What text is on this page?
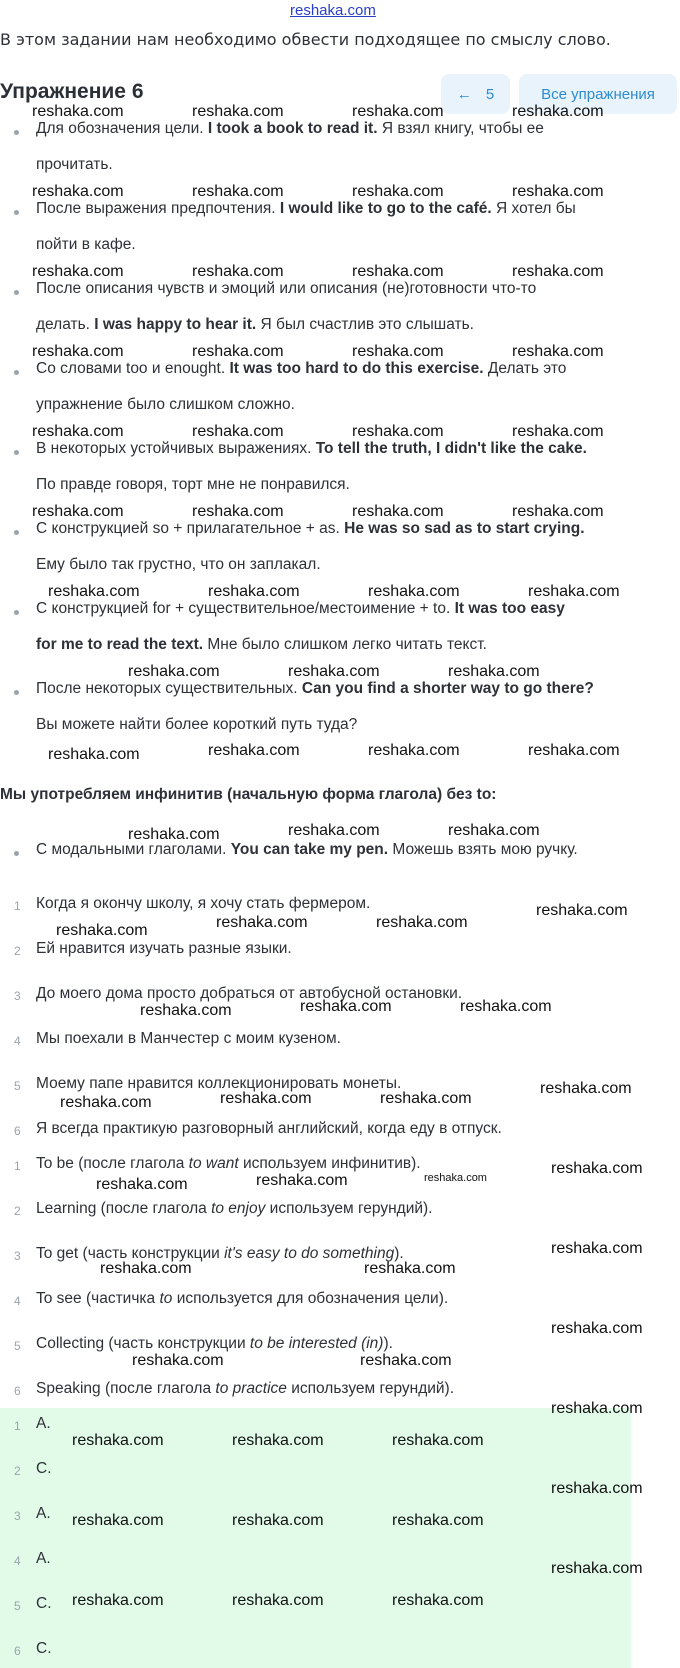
reshaka.com
В этом задании нам необходимо обвести подходящее по смыслу слово.
Упражнение 6	← 5	Все упражнения
Для обозначения цели. I took a book to read it. Я взял книгу, чтобы ее
прочитать.
После выражения предпочтения. I would like to go to the café. Я хотел бы
пойти в кафе.
После описания чувств и эмоций или описания (не)готовности что-то
делать. I was happy to hear it. Я был счастлив это слышать.
Со словами too и enought. It was too hard to do this exercise. Делать это
упражнение было слишком сложно.
В некоторых устойчивых выражениях. To tell the truth, I didn't like the cake.
По правде говоря, торт мне не понравился.
С конструкцией so + прилагательное + as. He was so sad as to start crying.
Ему было так грустно, что он заплакал.
С конструкцией for + существительное/местоимение + to. It was too easy
for me to read the text. Мне было слишком легко читать текст.
После некоторых существительных. Can you find a shorter way to go there?
Вы можете найти более короткий путь туда?
Мы употребляем инфинитив (начальную форма глагола) без to:
С модальными глаголами. You can take my pen. Можешь взять мою ручку.
1 Когда я окончу школу, я хочу стать фермером.
2 Ей нравится изучать разные языки.
3 До моего дома просто добраться от автобусной остановки.
4 Мы поехали в Манчестер с моим кузеном.
5 Моему папе нравится коллекционировать монеты.
6 Я всегда практикую разговорный английский, когда еду в отпуск.
1 To be (после глагола to want используем инфинитив).
2 Learning (после глагола to enjoy используем герундий).
3 To get (часть конструкции it's easy to do something).
4 To see (частичка to используется для обозначения цели).
5 Collecting (часть конструкции to be interested (in)).
6 Speaking (после глагола to practice используем герундий).
1 A.
2 C.
3 A.
4 A.
5 C.
6 C.
reshaka.com	reshaka.com	reshaka.com	reshaka.com
reshaka.com	reshaka.com	reshaka.com	reshaka.com
reshaka.com	reshaka.com	reshaka.com	reshaka.com
reshaka.com	reshaka.com	reshaka.com	reshaka.com
reshaka.com	reshaka.com	reshaka.com	reshaka.com
reshaka.com	reshaka.com	reshaka.com	reshaka.com
reshaka.com	reshaka.com	reshaka.com	reshaka.com
reshaka.com	reshaka.com	reshaka.com
reshaka.com	reshaka.com	reshaka.com	reshaka.com
reshaka.com	reshaka.com	reshaka.com
reshaka.com
reshaka.com	reshaka.com	reshaka.com
reshaka.com	reshaka.com	reshaka.com
reshaka.com
reshaka.com	reshaka.com	reshaka.com
reshaka.com
reshaka.com	reshaka.com	reshaka.com
reshaka.com
reshaka.com	reshaka.com
reshaka.com
reshaka.com	reshaka.com
reshaka.com
reshaka.com	reshaka.com	reshaka.com
reshaka.com
reshaka.com	reshaka.com	reshaka.com
reshaka.com
reshaka.com	reshaka.com	reshaka.com
